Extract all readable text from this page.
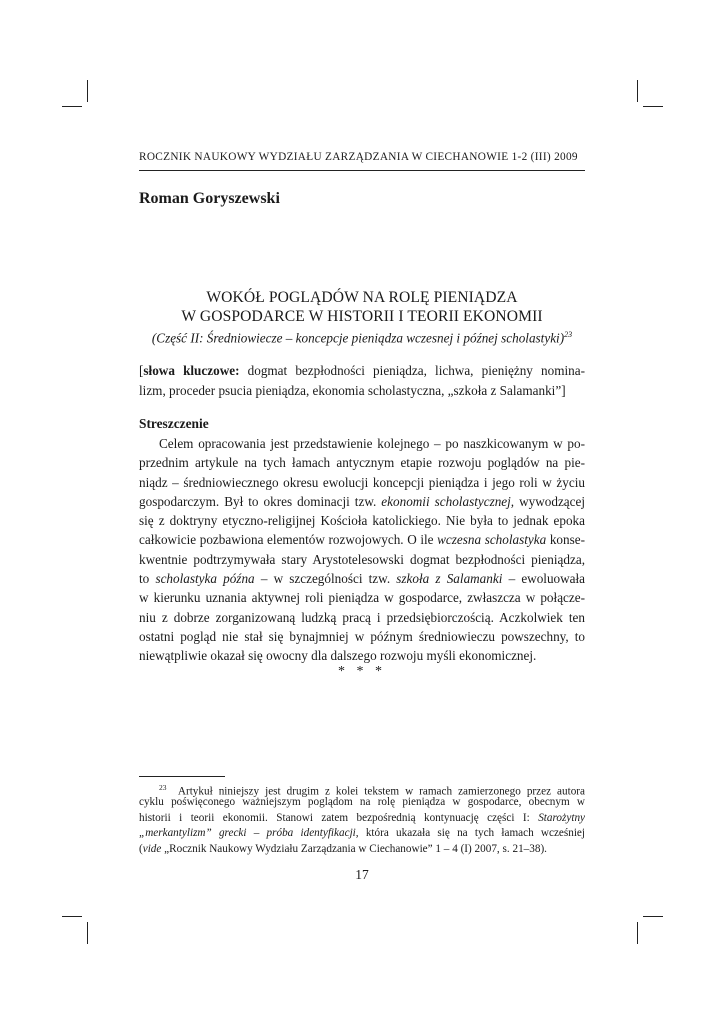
ROCZNIK NAUKOWY WYDZIAŁU ZARZĄDZANIA W CIECHANOWIE 1-2 (III) 2009
Roman Goryszewski
WOKÓŁ POGLĄDÓW NA ROLĘ PIENIĄDZA
W GOSPODARCE W HISTORII I TEORII EKONOMII
(Część II: Średniowiecze – koncepcje pieniądza wczesnej i późnej scholastyki)$^{23}$
[słowa kluczowe: dogmat bezpłodności pieniądza, lichwa, pieniężny nomina-
lizm, proceder psucia pieniądza, ekonomia scholastyczna, „szkoła z Salamanki”]
Streszczenie
Celem opracowania jest przedstawienie kolejnego – po naszkicowanym w po-
przednim artykule na tych łamach antycznym etapie rozwoju poglądów na pie-
niądz – średniowiecznego okresu ewolucji koncepcji pieniądza i jego roli w życiu
gospodarczym. Był to okres dominacji tzw. ekonomii scholastycznej, wywodzącej
się z doktryny etyczno-religijnej Kościoła katolickiego. Nie była to jednak epoka
całkowicie pozbawiona elementów rozwojowych. O ile wczesna scholastyka konse-
kwentnie podtrzymywała stary Arystotelesowski dogmat bezpłodności pieniądza,
to scholastyka późna – w szczególności tzw. szkoła z Salamanki – ewoluowała
w kierunku uznania aktywnej roli pieniądza w gospodarce, zwłaszcza w połącze-
niu z dobrze zorganizowaną ludzką pracą i przedsiębiorczością. Aczkolwiek ten
ostatni pogląd nie stał się bynajmniej w późnym średniowieczu powszechny, to
niewątpliwie okazał się owocny dla dalszego rozwoju myśli ekonomicznej.
* * *
$^{23}$ Artykuł niniejszy jest drugim z kolei tekstem w ramach zamierzonego przez autora
cyklu poświęconego ważniejszym poglądom na rolę pieniądza w gospodarce, obecnym w
historii i teorii ekonomii. Stanowi zatem bezpośrednią kontynuację części I: Starożytny
„merkantylizm” grecki – próba identyfikacji, która ukazała się na tych łamach wcześniej
(vide „Rocznik Naukowy Wydziału Zarządzania w Ciechanowie” 1 – 4 (I) 2007, s. 21–38).
17
